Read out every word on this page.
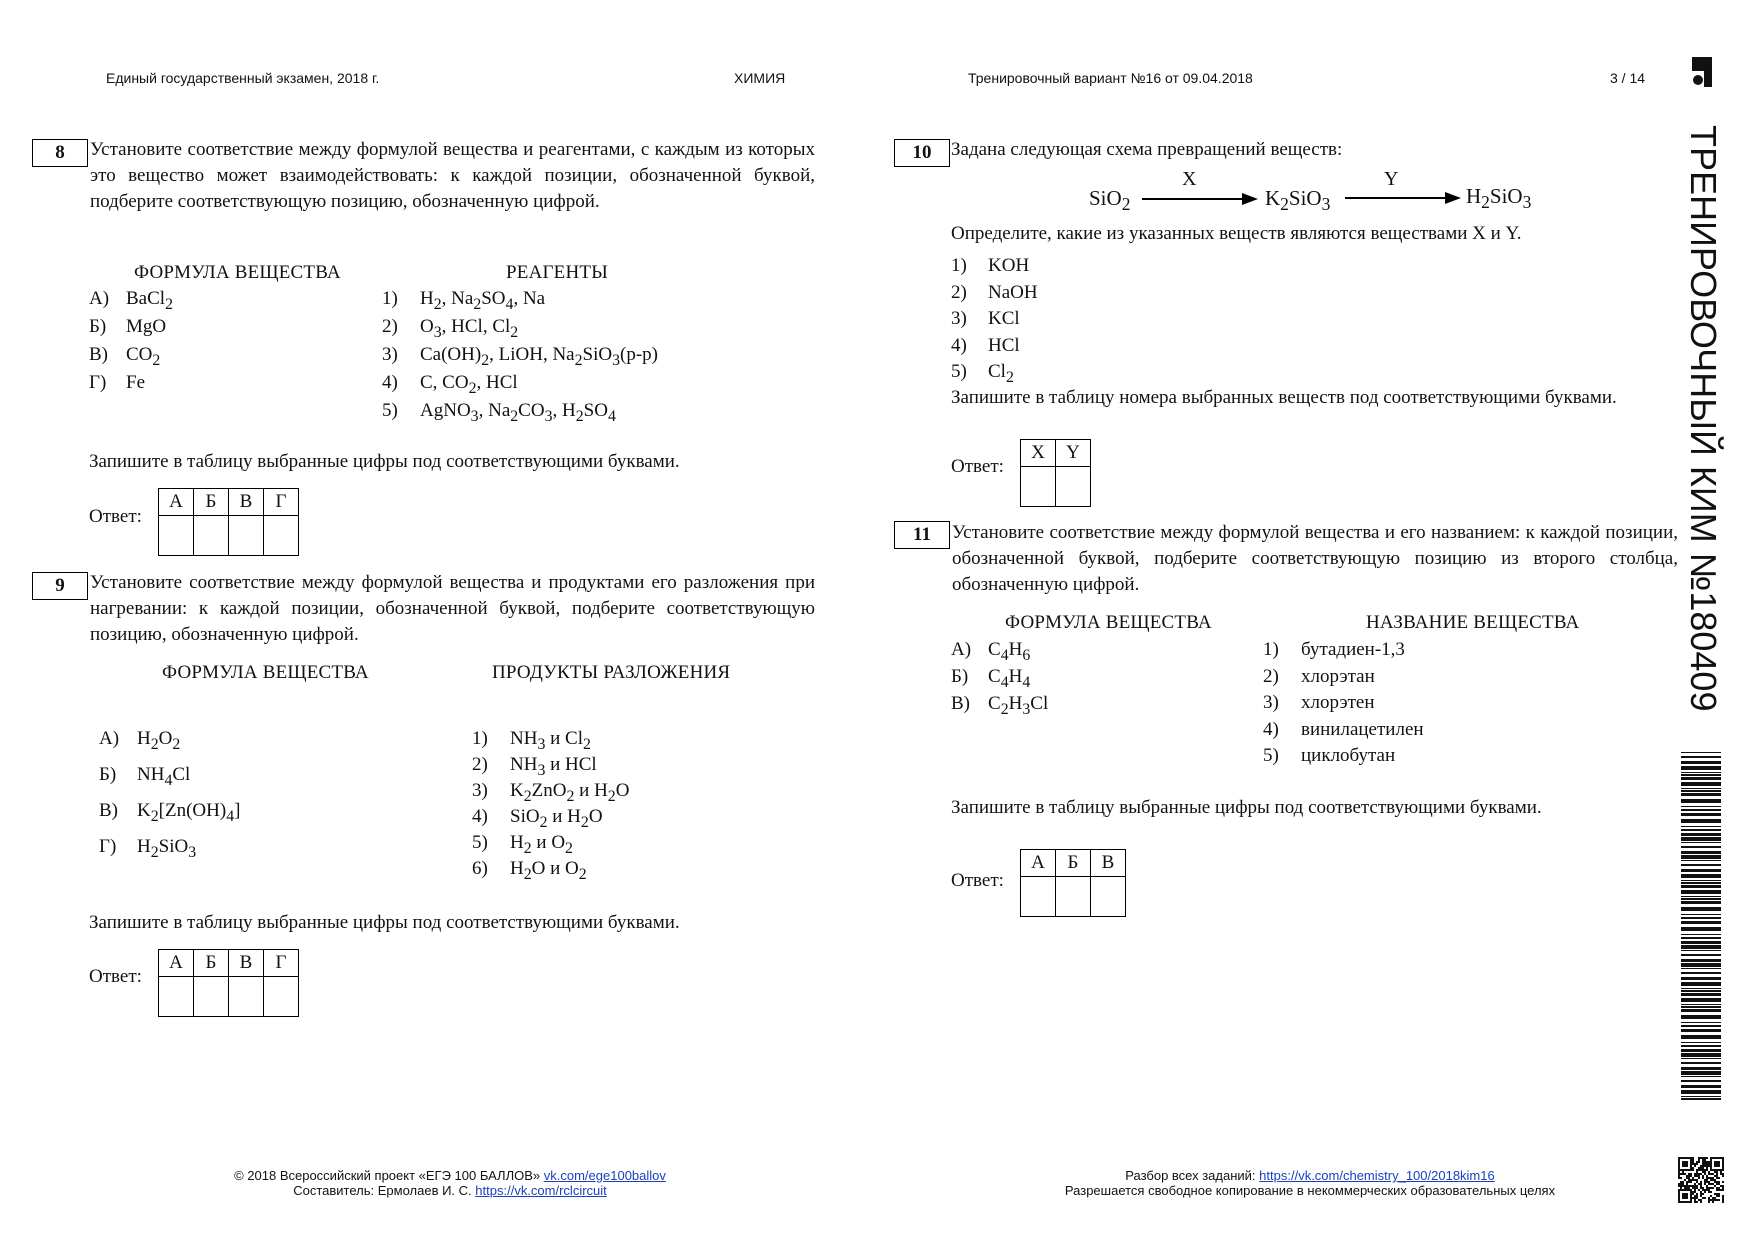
Единый государственный экзамен, 2018 г.	ХИМИЯ	Тренировочный вариант №16 от 09.04.2018	3 / 14
ТРЕНИРОВОЧНЫЙ КИМ №180409
8	Установите соответствие между формулой вещества и реагентами, с каждым из которых это вещество может взаимодействовать: к каждой позиции, обозначенной буквой, подберите соответствующую позицию, обозначенную цифрой.
ФОРМУЛА ВЕЩЕСТВА	РЕАГЕНТЫ
А) BaCl$_2$
Б) MgO
В) $CO_2$
Г) Fe
1) $H_2$, $Na_2SO_4$, Na
2) $O_3$, HCl, $Cl_2$
3) $Ca(OH)_2$, LiOH, $Na_2SiO_3(р-р)$
4) C, $CO_2$, HCl
5) AgNO$_3$, $Na_2CO_3$, $H_2SO_4$
Запишите в таблицу выбранные цифры под соответствующими буквами.
Ответ:
А	Б	В	Г

9	Установите соответствие между формулой вещества и продуктами его разложения при нагревании: к каждой позиции, обозначенной буквой, подберите соответствующую позицию, обозначенную цифрой.
ФОРМУЛА ВЕЩЕСТВА	ПРОДУКТЫ РАЗЛОЖЕНИЯ
А) $H_2O_2$
Б) $NH_4Cl$
В) $K_2[Zn(OH)_4]$
Г) $H_2SiO_3$
1) $NH_3$ и $Cl_2$
2) $NH_3$ и HCl
3) $K_2ZnO_2$ и $H_2O$
4) SiO$_2$ и $H_2O$
5) $H_2$ и $O_2$
6) $H_2O$ и $O_2$
Запишите в таблицу выбранные цифры под соответствующими буквами.
Ответ:
А	Б	В	Г

10	Задана следующая схема превращений веществ:
SiO$_2$
X
$K_2SiO_3$
Y
$H_2SiO_3$
Определите, какие из указанных веществ являются веществами X и Y.
1) KOH
2) NaOH
3) KCl
4) HCl
5) $Cl_2$
Запишите в таблицу номера выбранных веществ под соответствующими буквами.
Ответ:
X	Y

11	Установите соответствие между формулой вещества и его названием: к каждой позиции, обозначенной буквой, подберите соответствующую позицию из второго столбца, обозначенную цифрой.
ФОРМУЛА ВЕЩЕСТВА	НАЗВАНИЕ ВЕЩЕСТВА
А) $C_4H_6$
Б) $C_4H_4$
В) $C_2H_3Cl$
1) бутадиен-1,3
2) хлорэтан
3) хлорэтен
4) винилацетилен
5) циклобутан
Запишите в таблицу выбранные цифры под соответствующими буквами.
Ответ:
А	Б	В

© 2018 Всероссийский проект «ЕГЭ 100 БАЛЛОВ» vk.com/ege100ballov
Составитель: Ермолаев И. С. https://vk.com/rclcircuit
Разбор всех заданий: https://vk.com/chemistry_100/2018kim16
Разрешается свободное копирование в некоммерческих образовательных целях
